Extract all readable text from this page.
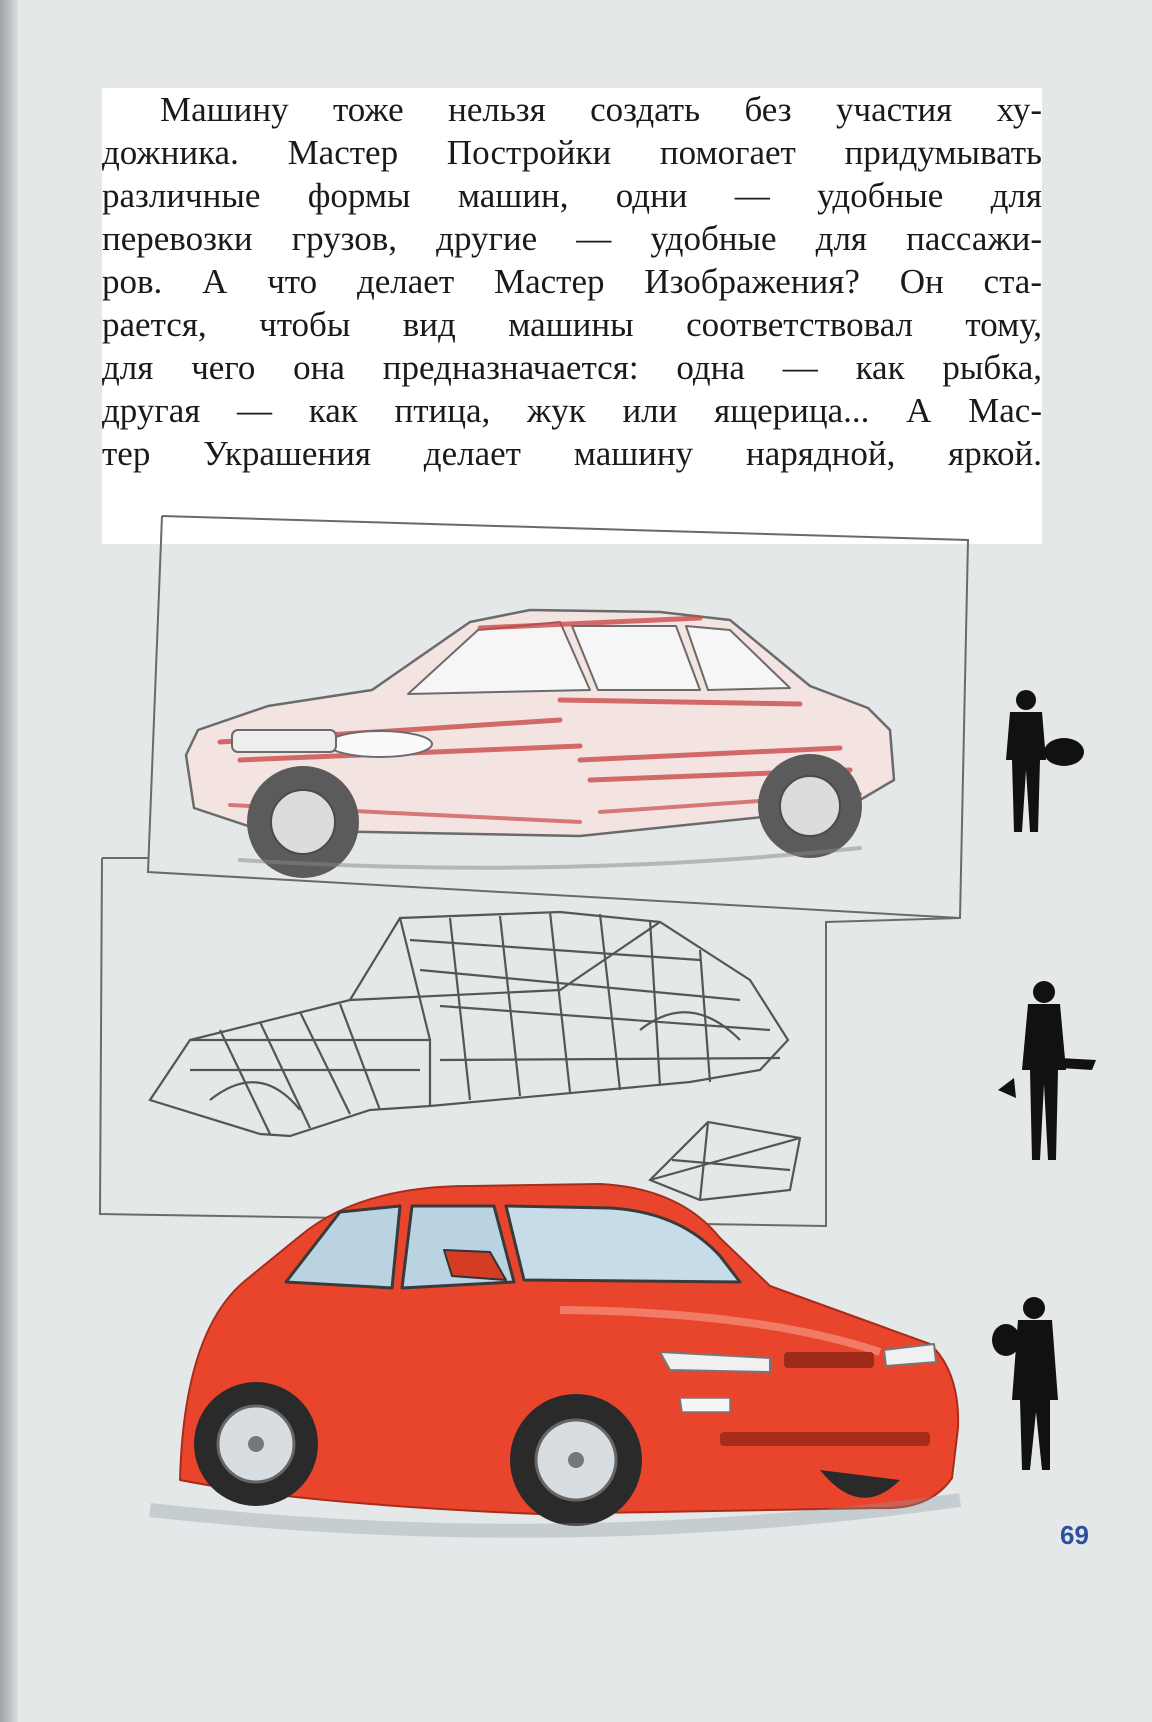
Машину тоже нельзя создать без участия ху-

дожника. Мастер Постройки помогает придумывать

различные формы машин, одни — удобные для

перевозки грузов, другие — удобные для пассажи-

ров. А что делает Мастер Изображения? Он ста-

рается, чтобы вид машины соответствовал тому,

для чего она предназначается: одна — как рыбка,

другая — как птица, жук или ящерица... А Мас-

тер Украшения делает машину нарядной, яркой.

69
